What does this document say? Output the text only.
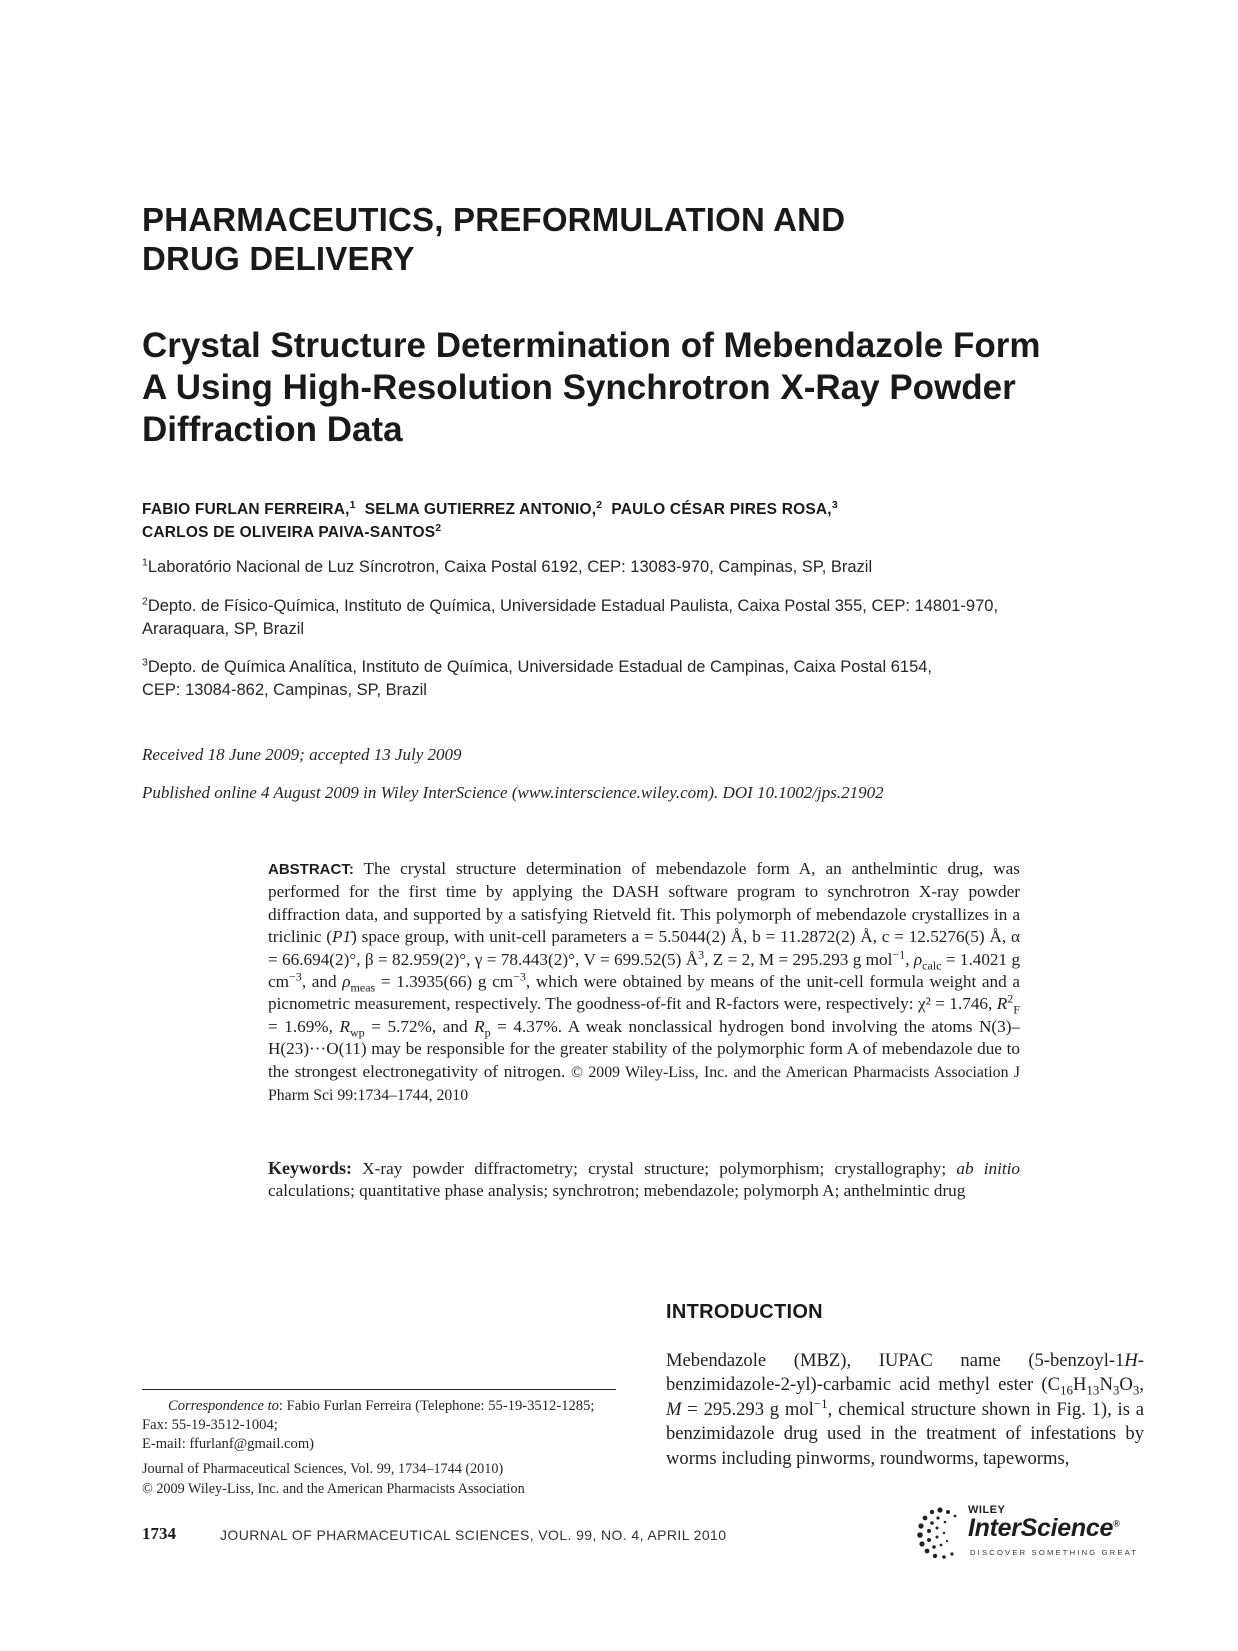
PHARMACEUTICS, PREFORMULATION AND
DRUG DELIVERY
Crystal Structure Determination of Mebendazole Form
A Using High-Resolution Synchrotron X-Ray Powder
Diffraction Data
FABIO FURLAN FERREIRA,$^1$ SELMA GUTIERREZ ANTONIO,$^2$ PAULO CÉSAR PIRES ROSA,$^3$
CARLOS DE OLIVEIRA PAIVA-SANTOS$^2$
$^1$Laboratório Nacional de Luz Síncrotron, Caixa Postal 6192, CEP: 13083-970, Campinas, SP, Brazil
$^2$Depto. de Físico-Química, Instituto de Química, Universidade Estadual Paulista, Caixa Postal 355, CEP: 14801-970,
Araraquara, SP, Brazil
$^3$Depto. de Química Analítica, Instituto de Química, Universidade Estadual de Campinas, Caixa Postal 6154,
CEP: 13084-862, Campinas, SP, Brazil
Received 18 June 2009; accepted 13 July 2009
Published online 4 August 2009 in Wiley InterScience (www.interscience.wiley.com). DOI 10.1002/jps.21902
ABSTRACT: The crystal structure determination of mebendazole form A, an anthelmintic drug, was performed for the first time by applying the DASH software program to synchrotron X-ray powder diffraction data, and supported by a satisfying Rietveld fit. This polymorph of mebendazole crystallizes in a triclinic (P1̄) space group, with unit-cell parameters a = 5.5044(2) Å, b = 11.2872(2) Å, c = 12.5276(5) Å, α = 66.694(2)°, β = 82.959(2)°, γ = 78.443(2)°, V = 699.52(5) $Å^3$, Z = 2, M = 295.293 g mol$^{-1}$, $\rho_{calc} = 1.4021$ g $cm^{-3}$, and $\rho_{meas} = 1.3935(66)$ g $cm^{-3}$, which were obtained by means of the unit-cell formula weight and a picnometric measurement, respectively. The goodness-of-fit and R-factors were, respectively: χ² = 1.746, $R^2_F = 1.69\%$, $R_{wp} = 5.72\%$, and $R_p = 4.37\%$. A weak nonclassical hydrogen bond involving the atoms N(3)–H(23)···O(11) may be responsible for the greater stability of the polymorphic form A of mebendazole due to the strongest electronegativity of nitrogen. © 2009 Wiley-Liss, Inc. and the American Pharmacists Association J Pharm Sci 99:1734–1744, 2010
Keywords: X-ray powder diffractometry; crystal structure; polymorphism; crystallography; ab initio calculations; quantitative phase analysis; synchrotron; mebendazole; polymorph A; anthelmintic drug
INTRODUCTION
Mebendazole (MBZ), IUPAC name (5-benzoyl-1H-benzimidazole-2-yl)-carbamic acid methyl ester ($C_{16}H_{13}N_3O_3$, M = 295.293 g mol$^{-1}$, chemical structure shown in Fig. 1), is a benzimidazole drug used in the treatment of infestations by worms including pinworms, roundworms, tapeworms,
Correspondence to: Fabio Furlan Ferreira (Telephone: 55-19-3512-1285; Fax: 55-19-3512-1004;
E-mail: ffurlanf@gmail.com)
Journal of Pharmaceutical Sciences, Vol. 99, 1734–1744 (2010)
© 2009 Wiley-Liss, Inc. and the American Pharmacists Association
1734	JOURNAL OF PHARMACEUTICAL SCIENCES, VOL. 99, NO. 4, APRIL 2010
WILEY
InterScience®
DISCOVER SOMETHING GREAT
